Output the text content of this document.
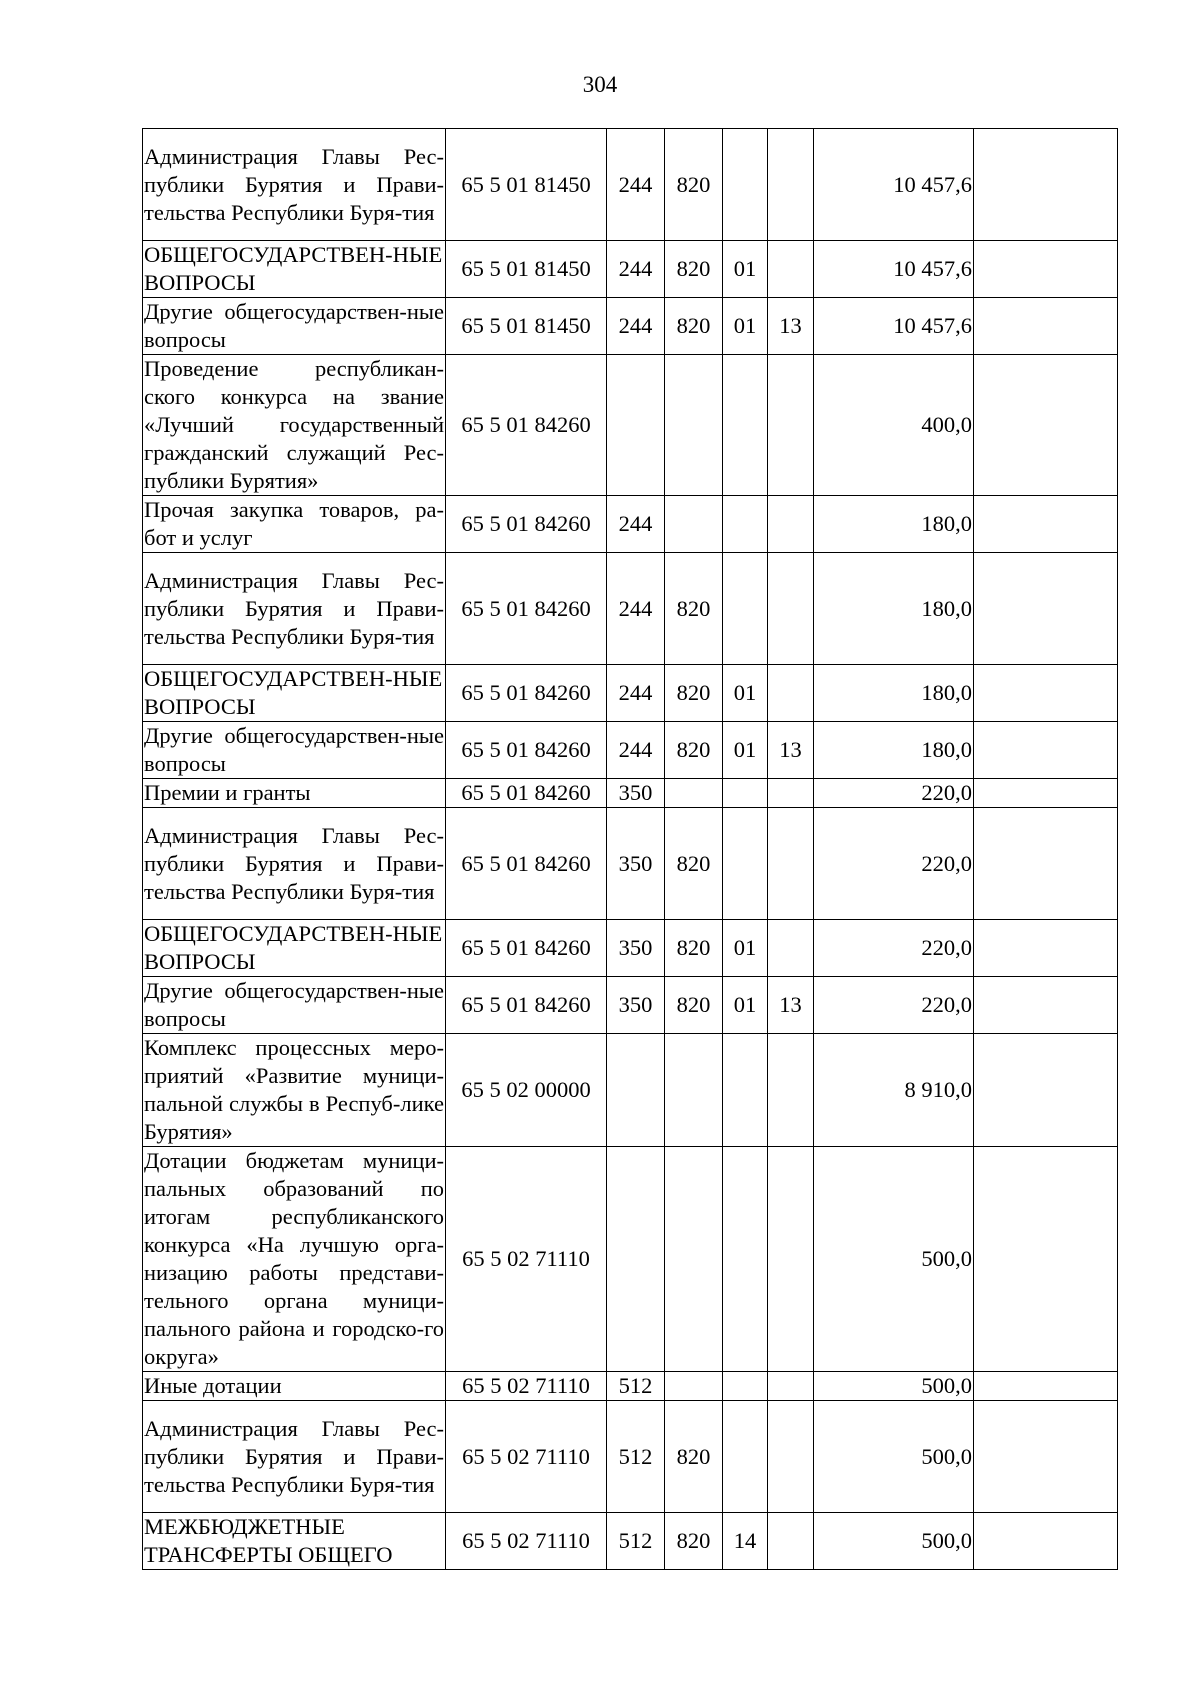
304
Администрация Главы Рес-публики Бурятия и Прави-тельства Республики Буря-тия	65 5 01 81450	244	820			10 457,6	
ОБЩЕГОСУДАРСТВЕН-НЫЕ ВОПРОСЫ	65 5 01 81450	244	820	01		10 457,6	
Другие общегосударствен-ные вопросы	65 5 01 81450	244	820	01	13	10 457,6	
Проведение республикан-ского конкурса на звание «Лучший государственный гражданский служащий Рес-публики Бурятия»	65 5 01 84260					400,0	
Прочая закупка товаров, ра-бот и услуг	65 5 01 84260	244				180,0	
Администрация Главы Рес-публики Бурятия и Прави-тельства Республики Буря-тия	65 5 01 84260	244	820			180,0	
ОБЩЕГОСУДАРСТВЕН-НЫЕ ВОПРОСЫ	65 5 01 84260	244	820	01		180,0	
Другие общегосударствен-ные вопросы	65 5 01 84260	244	820	01	13	180,0	
Премии и гранты	65 5 01 84260	350				220,0	
Администрация Главы Рес-публики Бурятия и Прави-тельства Республики Буря-тия	65 5 01 84260	350	820			220,0	
ОБЩЕГОСУДАРСТВЕН-НЫЕ ВОПРОСЫ	65 5 01 84260	350	820	01		220,0	
Другие общегосударствен-ные вопросы	65 5 01 84260	350	820	01	13	220,0	
Комплекс процессных меро-приятий «Развитие муници-пальной службы в Респуб-лике Бурятия»	65 5 02 00000					8 910,0	
Дотации бюджетам муници-пальных образований по итогам республиканского конкурса «На лучшую орга-низацию работы представи-тельного органа муници-пального района и городско-го округа»	65 5 02 71110					500,0	
Иные дотации	65 5 02 71110	512				500,0	
Администрация Главы Рес-публики Бурятия и Прави-тельства Республики Буря-тия	65 5 02 71110	512	820			500,0	
МЕЖБЮДЖЕТНЫЕ ТРАНСФЕРТЫ ОБЩЕГО	65 5 02 71110	512	820	14		500,0	
